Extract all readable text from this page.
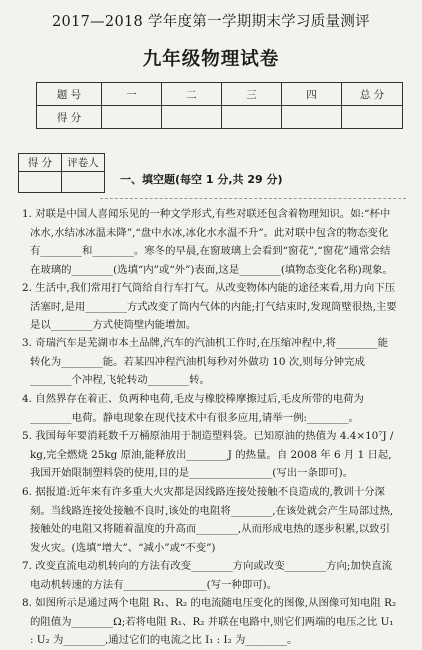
2017—2018 学年度第一学期期末学习质量测评
九年级物理试卷
题 号	一	二	三	四	总 分
得 分					
得 分	评卷人

一、填空题(每空 1 分,共 29 分)

1. 对联是中国人喜闻乐见的一种文学形式,有些对联还包含着物理知识。如:“杯中冰水,水结冰冰温未降”,“盘中水冰,冰化水水温不升”。此对联中包含的物态变化有________和________。寒冬的早晨,在窗玻璃上会看到“窗花”,“窗花”通常会结在玻璃的________(选填“内”或“外”)表面,这是________(填物态变化名称)现象。

2. 生活中,我们常用打气筒给自行车打气。从改变物体内能的途径来看,用力向下压活塞时,是用________方式改变了筒内气体的内能;打气结束时,发现筒壁很热,主要是以________方式使筒壁内能增加。

3. 奇瑞汽车是芜湖市本土品牌,汽车的汽油机工作时,在压缩冲程中,将________能转化为________能。若某四冲程汽油机每秒对外做功 10 次,则每分钟完成________个冲程,飞轮转动________转。

4. 自然界存在着正、负两种电荷,毛皮与橡胶棒摩擦过后,毛皮所带的电荷为________电荷。静电现象在现代技术中有很多应用,请举一例:________。

5. 我国每年要消耗数千万桶原油用于制造塑料袋。已知原油的热值为 4.4×10⁷J / kg,完全燃烧 25kg 原油,能释放出________J 的热量。自 2008 年 6 月 1 日起,我国开始限制塑料袋的使用,目的是________________(写出一条即可)。

6. 据报道:近年来有许多重大火灾都是因线路连接处接触不良造成的,教训十分深刻。当线路连接处接触不良时,该处的电阻将________,在该处就会产生局部过热,接触处的电阻又将随着温度的升高而________,从而形成电热的逐步积累,以致引发火灾。(选填“增大”、“减小”或“不变”)

7. 改变直流电动机转向的方法有改变________方向或改变________方向;加快直流电动机转速的方法有________________(写一种即可)。

8. 如图所示是通过两个电阻 R₁、R₂ 的电流随电压变化的图像,从图像可知电阻 R₂ 的阻值为________Ω;若将电阻 R₁、R₂ 并联在电路中,则它们两端的电压之比 U₁ : U₂ 为________,通过它们的电流之比 I₁ : I₂ 为________。
